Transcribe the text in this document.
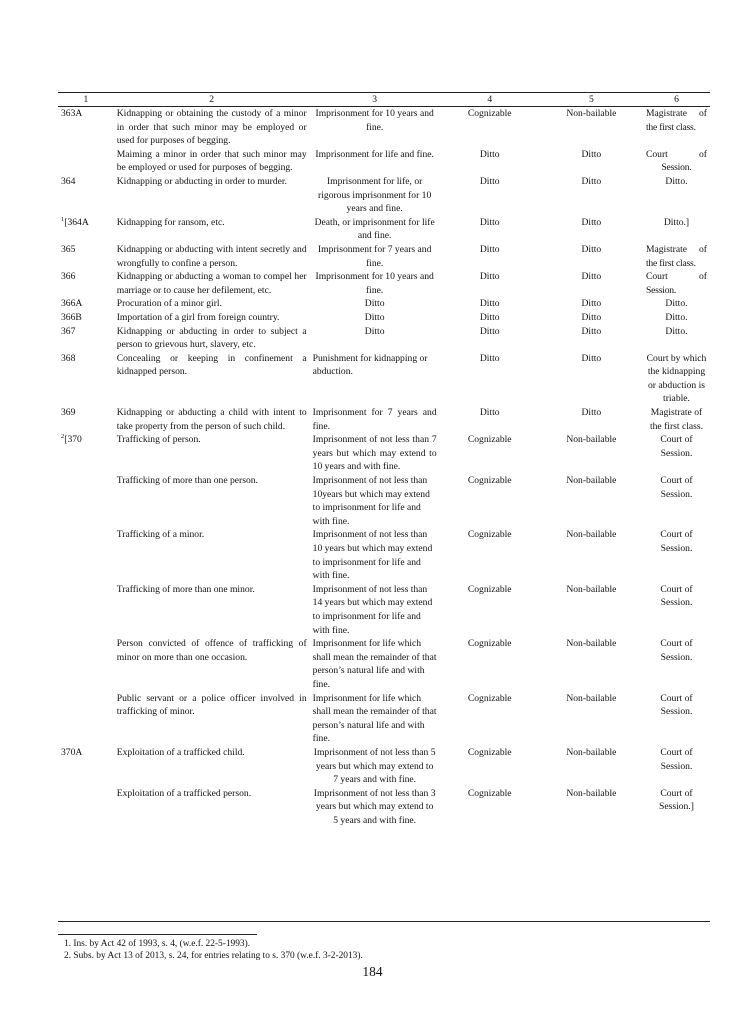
1	2	3	4	5	6
363A	Kidnapping or obtaining the custody of a minor in order that such minor may be employed or used for purposes of begging.	Imprisonment for 10 years and fine.	Cognizable	Non-bailable	Magistrate of
the first class.

	Maiming a minor in order that such minor may be employed or used for purposes of begging.	Imprisonment for life and fine.	Ditto	Ditto	Court of
Session.

364	Kidnapping or abducting in order to murder.	Imprisonment for life, or rigorous imprisonment for 10 years and fine.	Ditto	Ditto	Ditto.
$^1$[364A	Kidnapping for ransom, etc.	Death, or imprisonment for life and fine.	Ditto	Ditto	Ditto.]
365	Kidnapping or abducting with intent secretly and wrongfully to confine a person.	Imprisonment for 7 years and fine.	Ditto	Ditto	Magistrate of
the first class.

366	Kidnapping or abducting a woman to compel her marriage or to cause her defilement, etc.	Imprisonment for 10 years and fine.	Ditto	Ditto	Court of
Session.

366A	Procuration of a minor girl.	Ditto	Ditto	Ditto	Ditto.
366B	Importation of a girl from foreign country.	Ditto	Ditto	Ditto	Ditto.
367	Kidnapping or abducting in order to subject a person to grievous hurt, slavery, etc.	Ditto	Ditto	Ditto	Ditto.
368	Concealing or keeping in confinement a kidnapped person.	Punishment for kidnapping or abduction.	Ditto	Ditto	Court by which the kidnapping or abduction is triable.
369	Kidnapping or abducting a child with intent to take property from the person of such child.	Imprisonment for 7 years and fine.	Ditto	Ditto	Magistrate of the first class.
$^2$[370	Trafficking of person.	Imprisonment of not less than 7 years but which may extend to 10 years and with fine.	Cognizable	Non-bailable	Court of Session.
	Trafficking of more than one person.	Imprisonment of not less than 10years but which may extend to imprisonment for life and with fine.	Cognizable	Non-bailable	Court of Session.
	Trafficking of a minor.	Imprisonment of not less than 10 years but which may extend to imprisonment for life and with fine.	Cognizable	Non-bailable	Court of Session.
	Trafficking of more than one minor.	Imprisonment of not less than 14 years but which may extend to imprisonment for life and with fine.	Cognizable	Non-bailable	Court of Session.
	Person convicted of offence of trafficking of minor on more than one occasion.	Imprisonment for life which shall mean the remainder of that person’s natural life and with fine.	Cognizable	Non-bailable	Court of Session.
	Public servant or a police officer involved in trafficking of minor.	Imprisonment for life which shall mean the remainder of that person’s natural life and with fine.	Cognizable	Non-bailable	Court of Session.
370A	Exploitation of a trafficked child.	Imprisonment of not less than 5 years but which may extend to 7 years and with fine.	Cognizable	Non-bailable	Court of Session.
	Exploitation of a trafficked person.	Imprisonment of not less than 3 years but which may extend to 5 years and with fine.	Cognizable	Non-bailable	Court of Session.]
1. Ins. by Act 42 of 1993, s. 4, (w.e.f. 22-5-1993).
2. Subs. by Act 13 of 2013, s. 24, for entries relating to s. 370 (w.e.f. 3-2-2013).
184
